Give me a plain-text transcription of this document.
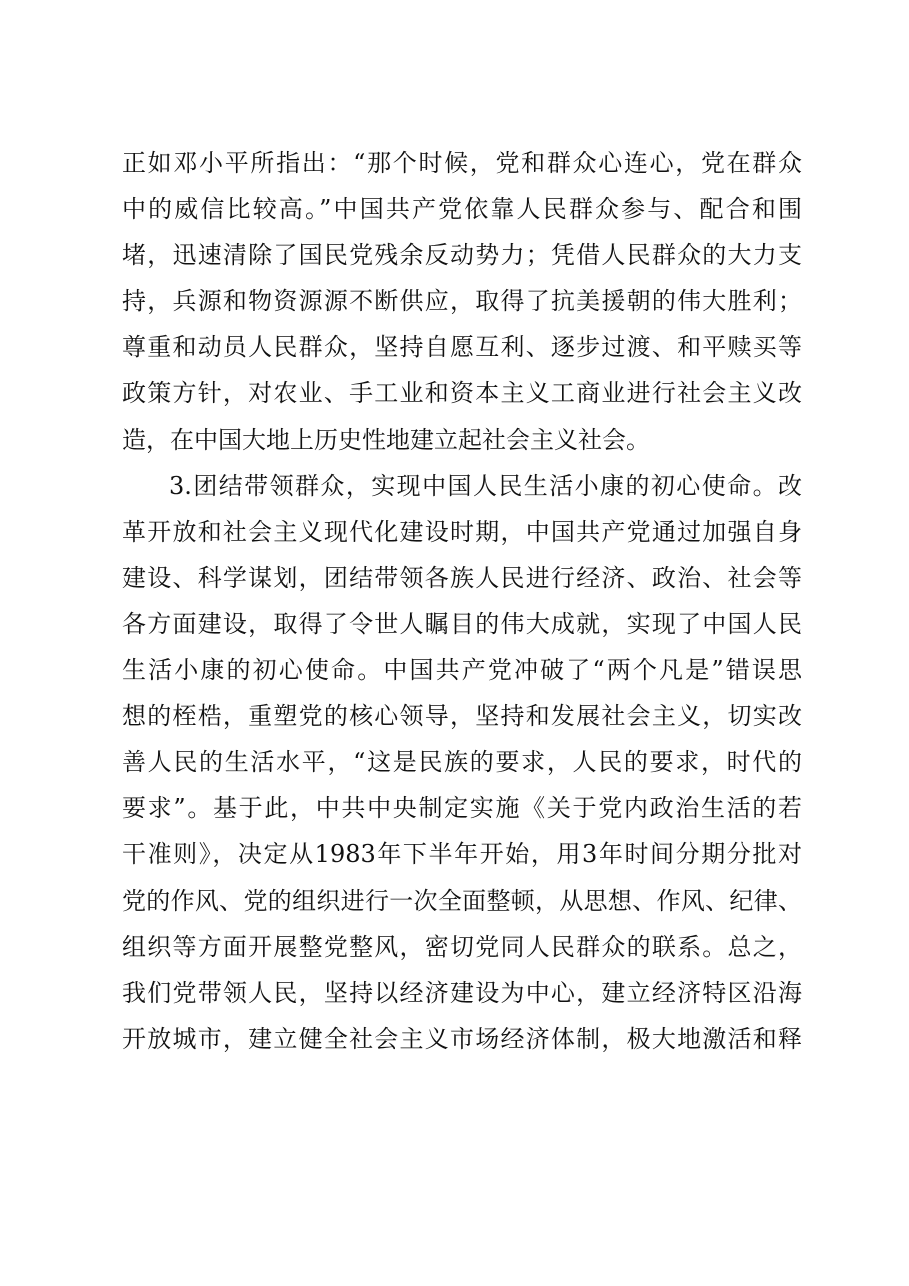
正如邓小平所指出：“那个时候，党和群众心连心，党在群众
中的威信比较高。”中国共产党依靠人民群众参与、配合和围
堵，迅速清除了国民党残余反动势力；凭借人民群众的大力支
持，兵源和物资源源不断供应，取得了抗美援朝的伟大胜利；
尊重和动员人民群众，坚持自愿互利、逐步过渡、和平赎买等
政策方针，对农业、手工业和资本主义工商业进行社会主义改
造，在中国大地上历史性地建立起社会主义社会。
3.团结带领群众，实现中国人民生活小康的初心使命。改
革开放和社会主义现代化建设时期，中国共产党通过加强自身
建设、科学谋划，团结带领各族人民进行经济、政治、社会等
各方面建设，取得了令世人瞩目的伟大成就，实现了中国人民
生活小康的初心使命。中国共产党冲破了“两个凡是”错误思
想的桎梏，重塑党的核心领导，坚持和发展社会主义，切实改
善人民的生活水平，“这是民族的要求，人民的要求，时代的
要求”。基于此，中共中央制定实施《关于党内政治生活的若
干准则》，决定从1983年下半年开始，用3年时间分期分批对
党的作风、党的组织进行一次全面整顿，从思想、作风、纪律、
组织等方面开展整党整风，密切党同人民群众的联系。总之，
我们党带领人民，坚持以经济建设为中心，建立经济特区沿海
开放城市，建立健全社会主义市场经济体制，极大地激活和释
